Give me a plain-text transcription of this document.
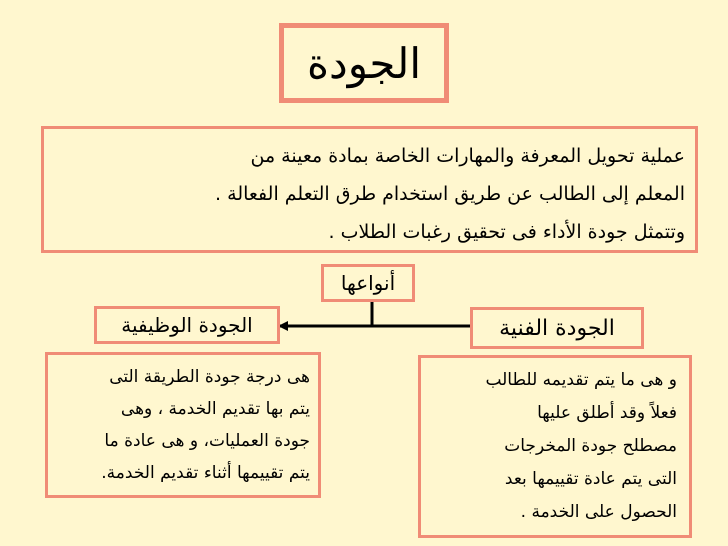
الجودة

عملية تحويل المعرفة والمهارات الخاصة بمادة معينة من

المعلم إلى الطالب عن طريق استخدام طرق التعلم الفعالة .

وتتمثل جودة الأداء فى تحقيق رغبات الطلاب .

أنواعها
الجودة الفنية
الجودة الوظيفية

هى درجة جودة الطريقة التى

يتم بها تقديم الخدمة ، وهى

جودة العمليات، و هى عادة ما

يتم تقييمها أثناء تقديم الخدمة.

و هى ما يتم تقديمه للطالب

فعلاً وقد أطلق عليها

مصطلح جودة المخرجات

التى يتم عادة تقييمها بعد

الحصول على الخدمة .
